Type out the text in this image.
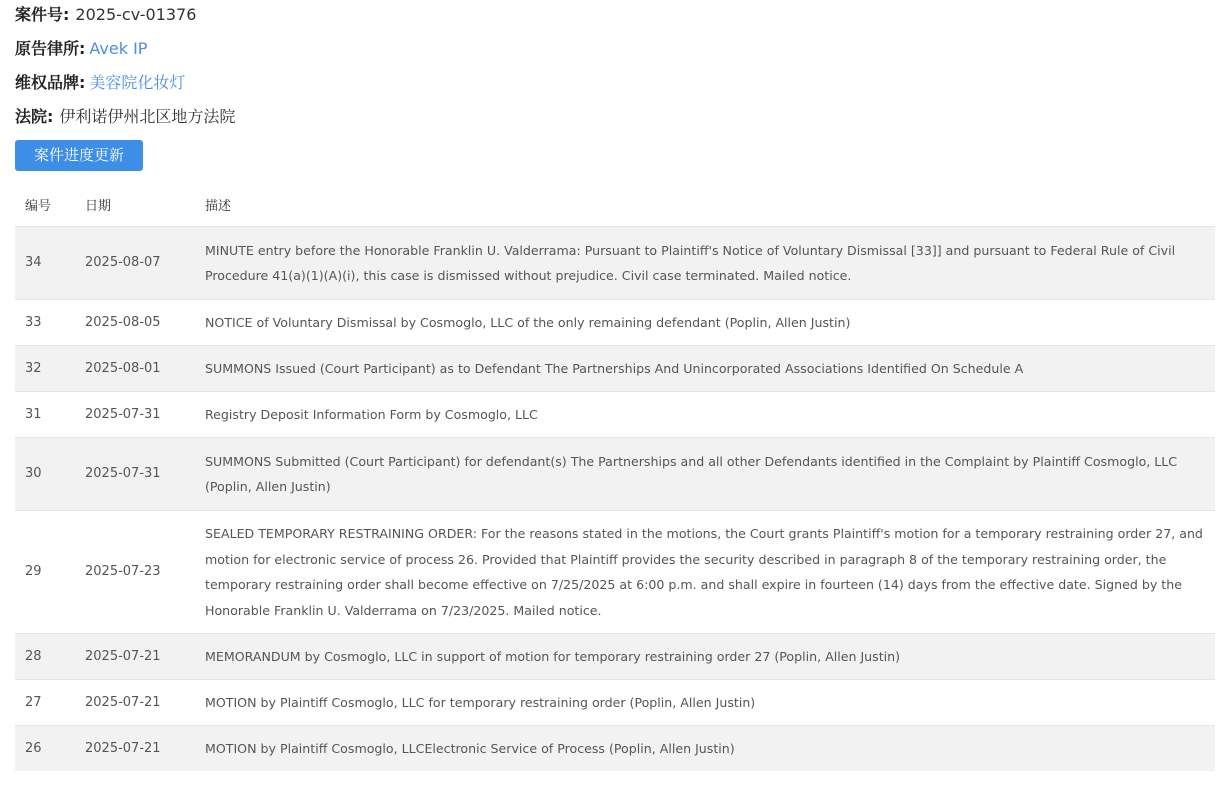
案件号: 2025-cv-01376
原告律所: Avek IP
维权品牌: 美容院化妆灯
法院: 伊利诺伊州北区地方法院
案件进度更新
编号	日期	描述
34	2025-08-07	MINUTE entry before the Honorable Franklin U. Valderrama: Pursuant to Plaintiff's Notice of Voluntary Dismissal [33]] and pursuant to Federal Rule of Civil Procedure 41(a)(1)(A)(i), this case is dismissed without prejudice. Civil case terminated. Mailed notice.
33	2025-08-05	NOTICE of Voluntary Dismissal by Cosmoglo, LLC of the only remaining defendant (Poplin, Allen Justin)
32	2025-08-01	SUMMONS Issued (Court Participant) as to Defendant The Partnerships And Unincorporated Associations Identified On Schedule A
31	2025-07-31	Registry Deposit Information Form by Cosmoglo, LLC
30	2025-07-31	SUMMONS Submitted (Court Participant) for defendant(s) The Partnerships and all other Defendants identified in the Complaint by Plaintiff Cosmoglo, LLC (Poplin, Allen Justin)
29	2025-07-23	SEALED TEMPORARY RESTRAINING ORDER: For the reasons stated in the motions, the Court grants Plaintiff's motion for a temporary restraining order 27, and motion for electronic service of process 26. Provided that Plaintiff provides the security described in paragraph 8 of the temporary restraining order, the temporary restraining order shall become effective on 7/25/2025 at 6:00 p.m. and shall expire in fourteen (14) days from the effective date. Signed by the Honorable Franklin U. Valderrama on 7/23/2025. Mailed notice.
28	2025-07-21	MEMORANDUM by Cosmoglo, LLC in support of motion for temporary restraining order 27 (Poplin, Allen Justin)
27	2025-07-21	MOTION by Plaintiff Cosmoglo, LLC for temporary restraining order (Poplin, Allen Justin)
26	2025-07-21	MOTION by Plaintiff Cosmoglo, LLCElectronic Service of Process (Poplin, Allen Justin)
